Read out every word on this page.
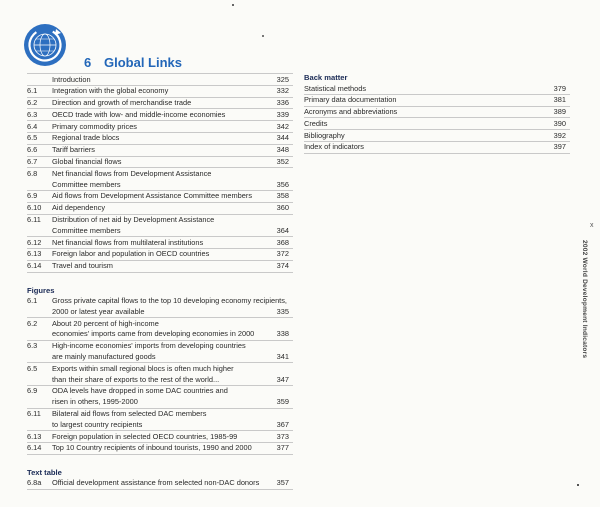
6 Global Links
Introduction	325
6.1	Integration with the global economy	332
6.2	Direction and growth of merchandise trade	336
6.3	OECD trade with low- and middle-income economies	339
6.4	Primary commodity prices	342
6.5	Regional trade blocs	344
6.6	Tariff barriers	348
6.7	Global financial flows	352
6.8	Net financial flows from Development Assistance
Committee members	356
6.9	Aid flows from Development Assistance Committee members	358
6.10	Aid dependency	360
6.11	Distribution of net aid by Development Assistance
Committee members	364
6.12	Net financial flows from multilateral institutions	368
6.13	Foreign labor and population in OECD countries	372
6.14	Travel and tourism	374
Figures
6.1	Gross private capital flows to the top 10 developing economy recipients,
2000 or latest year available	335
6.2	About 20 percent of high-income
economies' imports came from developing economies in 2000	338
6.3	High-income economies' imports from developing countries
are mainly manufactured goods	341
6.5	Exports within small regional blocs is often much higher
than their share of exports to the rest of the world...	347
6.9	ODA levels have dropped in some DAC countries and
risen in others, 1995-2000	359
6.11	Bilateral aid flows from selected DAC members
to largest country recipients	367
6.13	Foreign population in selected OECD countries, 1985-99	373
6.14	Top 10 Country recipients of inbound tourists, 1990 and 2000	377
Text table
6.8a	Official development assistance from selected non-DAC donors	357
Back matter
Statistical methods	379
Primary data documentation	381
Acronyms and abbreviations	389
Credits	390
Bibliography	392
Index of indicators	397
x
2002 World Development Indicators
